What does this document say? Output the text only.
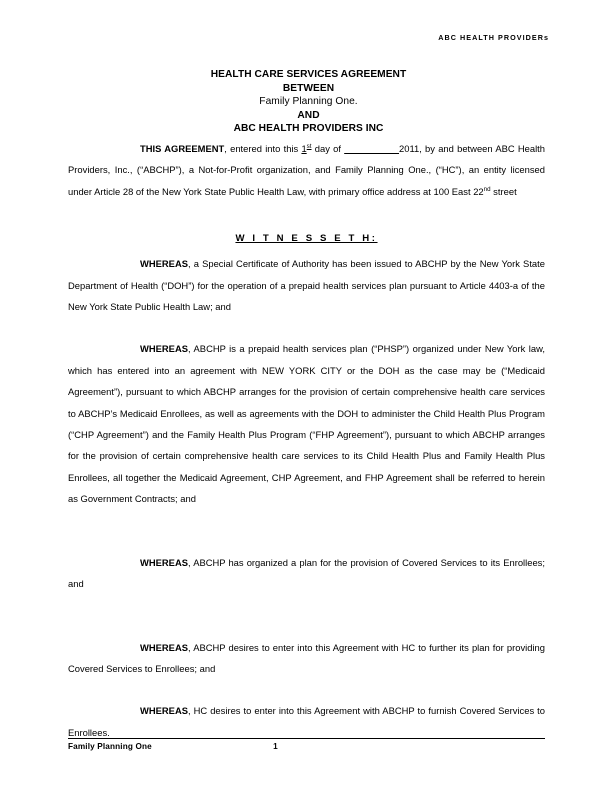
ABC HEALTH PROVIDERs
HEALTH CARE SERVICES AGREEMENT
BETWEEN
Family Planning One.
AND
ABC HEALTH PROVIDERS INC

THIS AGREEMENT, entered into this 1st day of	2011, by and between ABC Health Providers, Inc., (“ABCHP”), a Not-for-Profit organization, and Family Planning One., (“HC”), an entity licensed under Article 28 of the New York State Public Health Law, with primary office address at 100 East 22nd street

WHEREAS, a Special Certificate of Authority has been issued to ABCHP by the New York State Department of Health (“DOH”) for the operation of a prepaid health services plan pursuant to Article 4403-a of the New York State Public Health Law; and

WHEREAS, ABCHP is a prepaid health services plan (“PHSP”) organized under New York law, which has entered into an agreement with NEW YORK CITY or the DOH as the case may be (“Medicaid Agreement”), pursuant to which ABCHP arranges for the provision of certain comprehensive health care services to ABCHP’s Medicaid Enrollees, as well as agreements with the DOH to administer the Child Health Plus Program (“CHP Agreement”) and the Family Health Plus Program (“FHP Agreement”), pursuant to which ABCHP arranges for the provision of certain comprehensive health care services to its Child Health Plus and Family Health Plus Enrollees, all together the Medicaid Agreement, CHP Agreement, and FHP Agreement shall be referred to herein as Government Contracts; and

WHEREAS, ABCHP has organized a plan for the provision of Covered Services to its Enrollees; and

WHEREAS, ABCHP desires to enter into this Agreement with HC to further its plan for providing Covered Services to Enrollees; and

WHEREAS, HC desires to enter into this Agreement with ABCHP to furnish Covered Services to Enrollees.

W I T N E S S E T H:
Family Planning One	1
